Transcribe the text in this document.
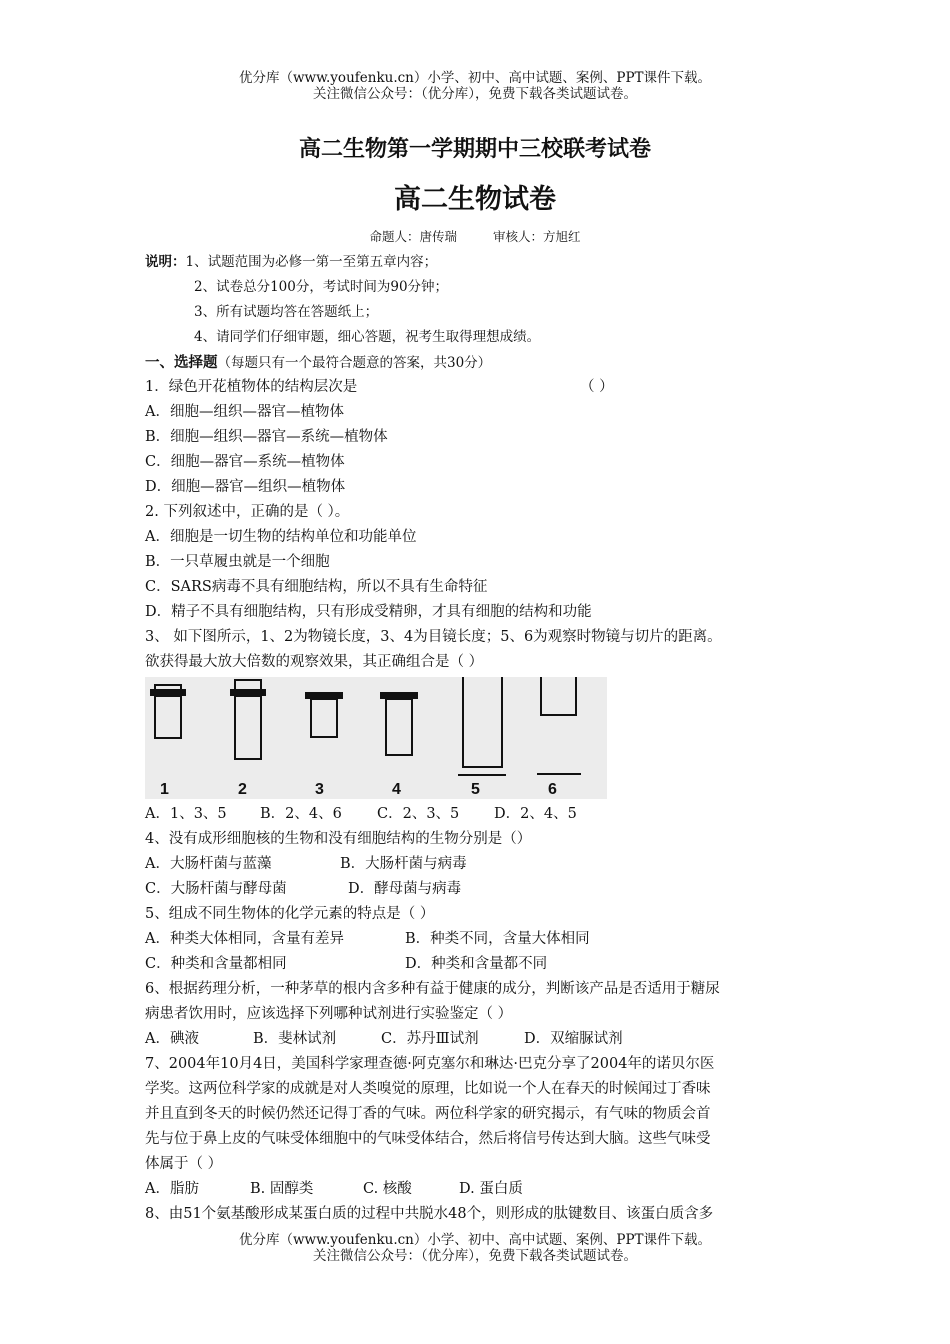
优分库（www.youfenku.cn）小学、初中、高中试题、案例、PPT课件下载。
关注微信公众号：（优分库），免费下载各类试题试卷。
高二生物第一学期期中三校联考试卷
高二生物试卷
命题人：唐传瑞	审核人：方旭红
说明：1、试题范围为必修一第一至第五章内容；
2、试卷总分100分，考试时间为90分钟；
3、所有试题均答在答题纸上；
4、请同学们仔细审题，细心答题，祝考生取得理想成绩。
一、选择题（每题只有一个最符合题意的答案，共30分）
1．绿色开花植物体的结构层次是	（ ）
A．细胞—组织—器官—植物体
B．细胞—组织—器官—系统—植物体
C．细胞—器官—系统—植物体
D．细胞—器官—组织—植物体
2. 下列叙述中，正确的是（ ）。
A．细胞是一切生物的结构单位和功能单位
B．一只草履虫就是一个细胞
C．SARS病毒不具有细胞结构，所以不具有生命特征
D．精子不具有细胞结构，只有形成受精卵，才具有细胞的结构和功能
3、 如下图所示，1、2为物镜长度，3、4为目镜长度；5、6为观察时物镜与切片的距离。
欲获得最大放大倍数的观察效果，其正确组合是（ ）
1	2	3	4	5	6
A．1、3、5 B．2、4、6 C．2、3、5 D．2、4、5
4、没有成形细胞核的生物和没有细胞结构的生物分别是（）
A．大肠杆菌与蓝藻	B．大肠杆菌与病毒
C．大肠杆菌与酵母菌	D．酵母菌与病毒
5、组成不同生物体的化学元素的特点是（ ）
A．种类大体相同，含量有差异	B．种类不同，含量大体相同
C．种类和含量都相同	D．种类和含量都不同
6、根据药理分析，一种茅草的根内含多种有益于健康的成分，判断该产品是否适用于糖尿
病患者饮用时，应该选择下列哪种试剂进行实验鉴定（ ）
A．碘液	B．斐林试剂	C．苏丹Ⅲ试剂	D．双缩脲试剂
7、2004年10月4日，美国科学家理查德·阿克塞尔和琳达·巴克分享了2004年的诺贝尔医
学奖。这两位科学家的成就是对人类嗅觉的原理，比如说一个人在春天的时候闻过丁香味
并且直到冬天的时候仍然还记得丁香的气味。两位科学家的研究揭示，有气味的物质会首
先与位于鼻上皮的气味受体细胞中的气味受体结合，然后将信号传达到大脑。这些气味受
体属于（ ）
A．脂肪	B. 固醇类	C. 核酸	D. 蛋白质
8、由51个氨基酸形成某蛋白质的过程中共脱水48个，则形成的肽键数目、该蛋白质含多
优分库（www.youfenku.cn）小学、初中、高中试题、案例、PPT课件下载。
关注微信公众号：（优分库），免费下载各类试题试卷。
